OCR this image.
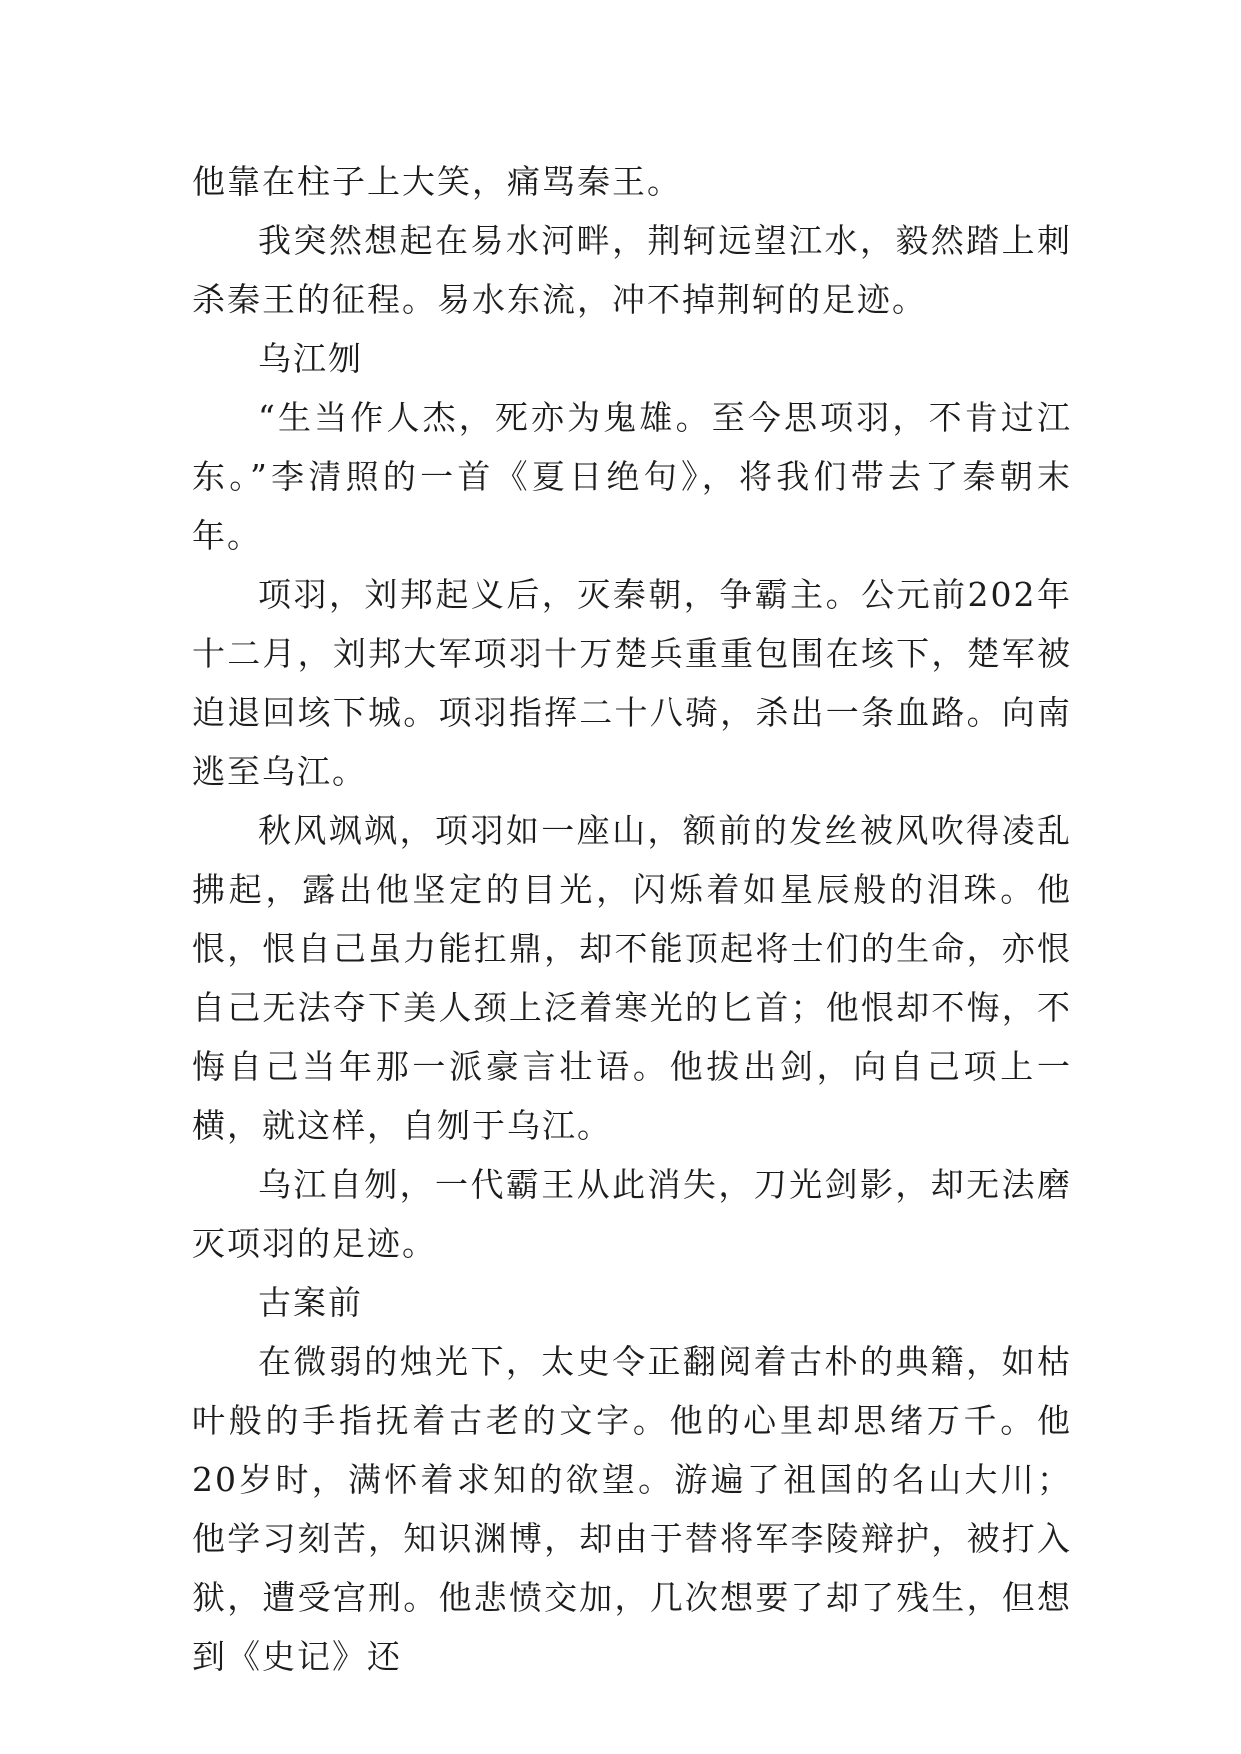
他靠在柱子上大笑，痛骂秦王。

我突然想起在易水河畔，荆轲远望江水，毅然踏上刺杀秦王的征程。易水东流，冲不掉荆轲的足迹。

乌江刎

“生当作人杰，死亦为鬼雄。至今思项羽，不肯过江东。”李清照的一首《夏日绝句》，将我们带去了秦朝末年。

项羽，刘邦起义后，灭秦朝，争霸主。公元前202年十二月，刘邦大军项羽十万楚兵重重包围在垓下，楚军被迫退回垓下城。项羽指挥二十八骑，杀出一条血路。向南逃至乌江。

秋风飒飒，项羽如一座山，额前的发丝被风吹得凌乱拂起，露出他坚定的目光，闪烁着如星辰般的泪珠。他恨，恨自己虽力能扛鼎，却不能顶起将士们的生命，亦恨自己无法夺下美人颈上泛着寒光的匕首；他恨却不悔，不悔自己当年那一派豪言壮语。他拔出剑，向自己项上一横，就这样，自刎于乌江。

乌江自刎，一代霸王从此消失，刀光剑影，却无法磨灭项羽的足迹。

古案前

在微弱的烛光下，太史令正翻阅着古朴的典籍，如枯叶般的手指抚着古老的文字。他的心里却思绪万千。他20岁时，满怀着求知的欲望。游遍了祖国的名山大川；他学习刻苦，知识渊博，却由于替将军李陵辩护，被打入狱，遭受宫刑。他悲愤交加，几次想要了却了残生，但想到《史记》还
